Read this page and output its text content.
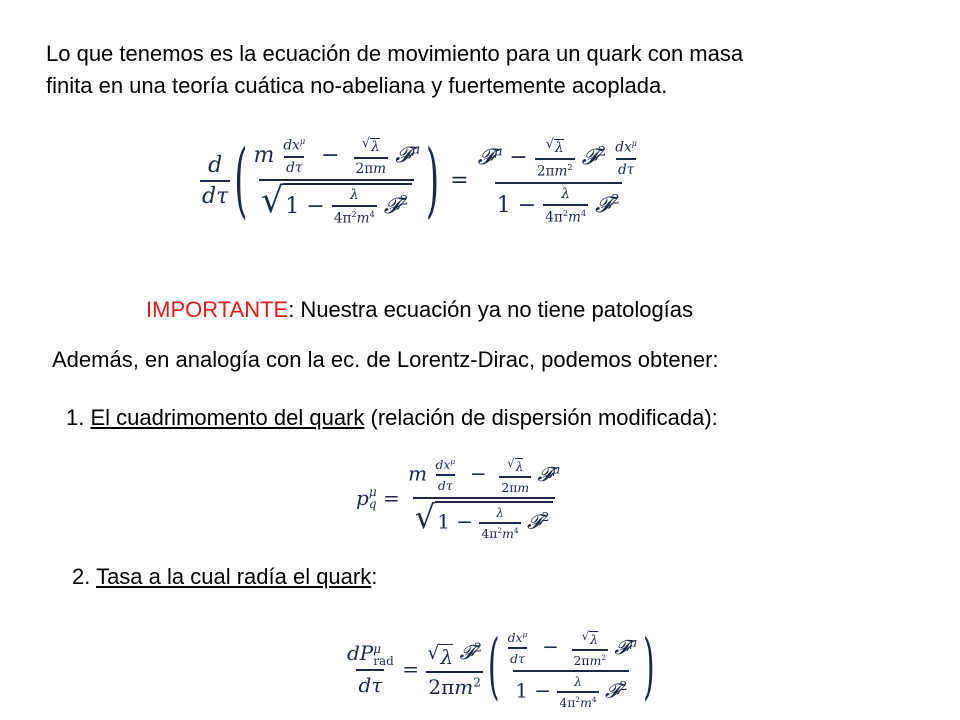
Lo que tenemos es la ecuación de movimiento para un quark con masa
finita en una teoría cuática no-abeliana y fuertemente acoplada.
$\frac{d}{d\tau}$ ( $\frac{m \frac{dx^\mu}{d\tau} - \frac{√ \lambda}{2\pi m} 𝓕^\mu}{√ 1 - \frac{\lambda}{4\pi^2m^4} 𝓕^2}$ ) = $\frac{𝓕^\mu - \frac{√ \lambda}{2\pi m^2} 𝓕^2 \frac{dx^\mu}{d\tau}}{1 - \frac{\lambda}{4\pi^2m^4} 𝓕^2}$
IMPORTANTE: Nuestra ecuación ya no tiene patologías
Además, en analogía con la ec. de Lorentz-Dirac, podemos obtener:
1. El cuadrimomento del quark (relación de dispersión modificada):
p μ
$q = \frac{m \frac{dx^\mu}{d\tau} - \frac{√ \lambda}{2\pi m} 𝓕^\mu}{√ 1 - \frac{\lambda}{4\pi^2m^4} 𝓕^2}$
2. Tasa a la cual radía el quark:
dP μ
rad
$d\tau = \frac{√ \lambda 𝓕^2}{2\pi m^2}$ ( $\frac{\frac{dx^\mu}{d\tau} - \frac{√ \lambda}{2\pi m^2} 𝓕^\mu}{1 - \frac{\lambda}{4\pi^2m^4} 𝓕^2}$ )
